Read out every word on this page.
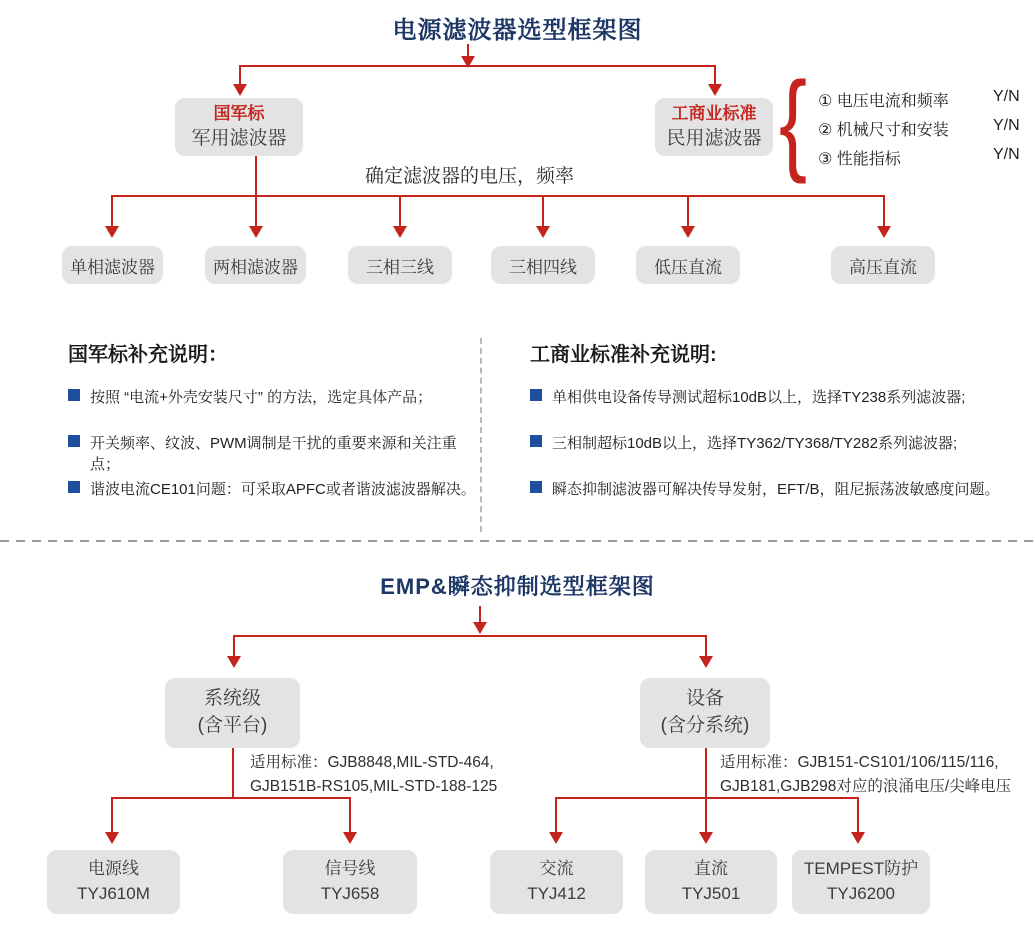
电源滤波器选型框架图
国军标
军用滤波器
工商业标准
民用滤波器 { ① 电压电流和频率	Y/N
② 机械尺寸和安装	Y/N
③ 性能指标	Y/N
确定滤波器的电压，频率
单相滤波器	两相滤波器	三相三线	三相四线	低压直流	高压直流
国军标补充说明：
按照 “电流+外壳安装尺寸” 的方法，选定具体产品；
开关频率、纹波、PWM调制是干扰的重要来源和关注重点；
谐波电流CE101问题：可采取APFC或者谐波滤波器解决。
工商业标准补充说明:
单相供电设备传导测试超标10dB以上，选择TY238系列滤波器;
三相制超标10dB以上，选择TY362/TY368/TY282系列滤波器;
瞬态抑制滤波器可解决传导发射，EFT/B，阻尼振荡波敏感度问题。
EMP&瞬态抑制选型框架图
系统级
(含平台)
设备
(含分系统)
适用标准：GJB8848,MIL-STD-464,
GJB151B-RS105,MIL-STD-188-125
适用标准：GJB151-CS101/106/115/116,
GJB181,GJB298对应的浪涌电压/尖峰电压
电源线
TYJ610M
信号线
TYJ658
交流
TYJ412
直流
TYJ501
TEMPEST防护
TYJ6200
